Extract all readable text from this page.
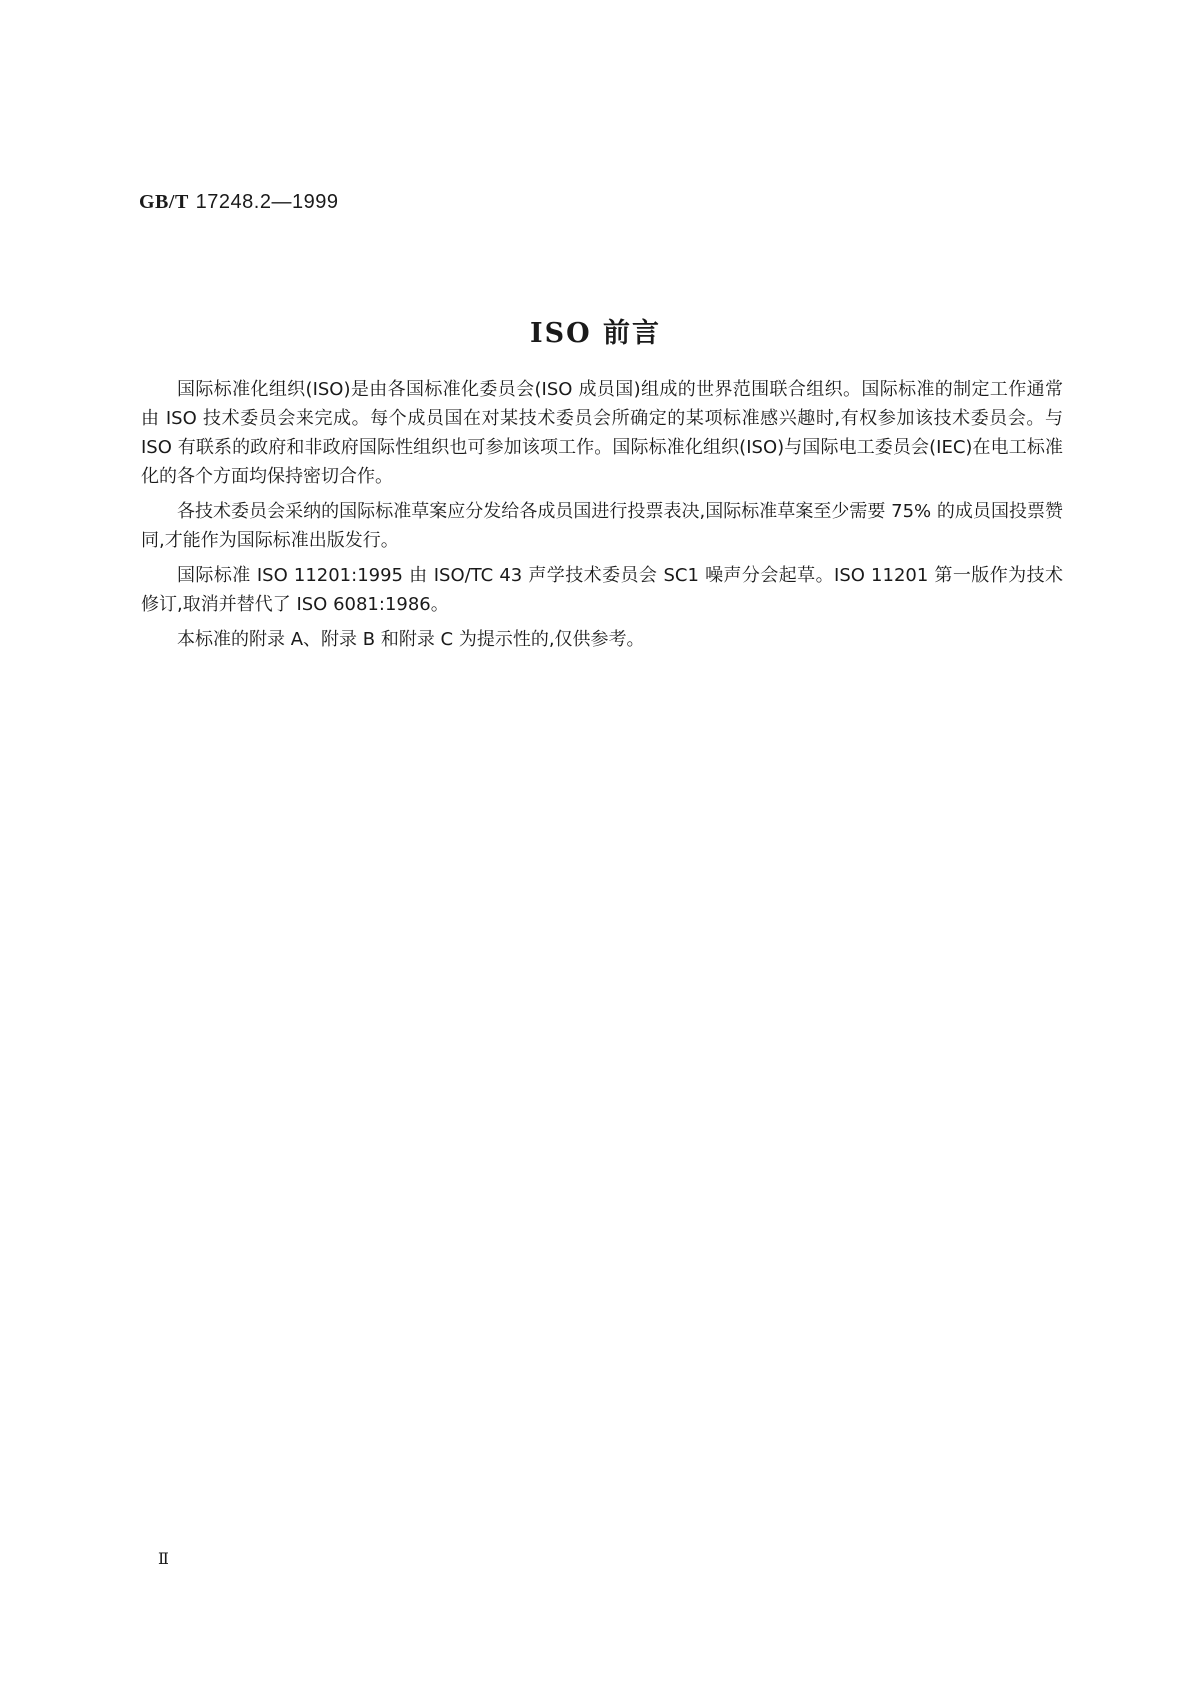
GB/T 17248.2—1999
ISO 前言

国际标准化组织(ISO)是由各国标准化委员会(ISO 成员国)组成的世界范围联合组织。国际标准的制定工作通常由 ISO 技术委员会来完成。每个成员国在对某技术委员会所确定的某项标准感兴趣时,有权参加该技术委员会。与 ISO 有联系的政府和非政府国际性组织也可参加该项工作。国际标准化组织(ISO)与国际电工委员会(IEC)在电工标准化的各个方面均保持密切合作。

各技术委员会采纳的国际标准草案应分发给各成员国进行投票表决,国际标准草案至少需要 75% 的成员国投票赞同,才能作为国际标准出版发行。

国际标准 ISO 11201:1995 由 ISO/TC 43 声学技术委员会 SC1 噪声分会起草。ISO 11201 第一版作为技术修订,取消并替代了 ISO 6081:1986。

本标准的附录 A、附录 B 和附录 C 为提示性的,仅供参考。

Ⅱ
